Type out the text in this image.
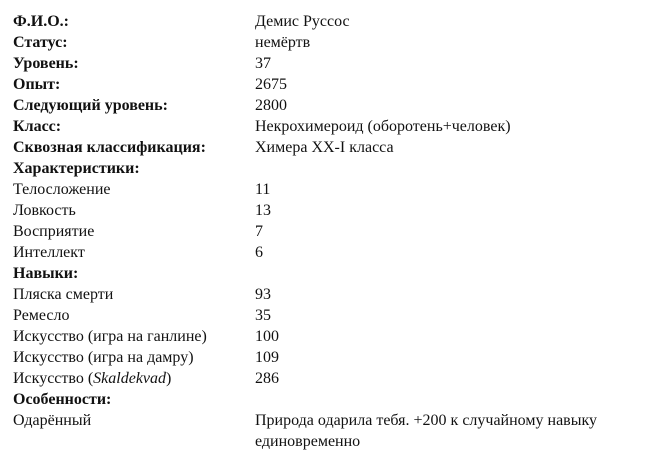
Ф.И.О.:	Демис Руссос
Статус:	немёртв
Уровень:	37
Опыт:	2675
Следующий уровень:	2800
Класс:	Некрохимероид (оборотень+человек)
Сквозная классификация:	Химера XX-I класса
Характеристики:
Телосложение	11
Ловкость	13
Восприятие	7
Интеллект	6
Навыки:
Пляска смерти	93
Ремесло	35
Искусство (игра на ганлине)	100
Искусство (игра на дамру)	109
Искусство (Skaldekvad)	286
Особенности:
Одарённый	Природа одарила тебя. +200 к случайному навыку единовременно
